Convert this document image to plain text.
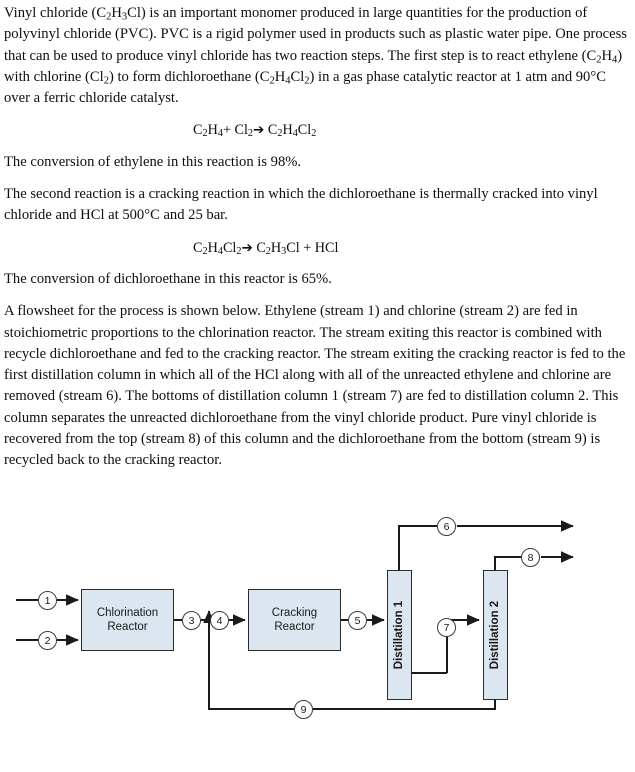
Vinyl chloride $(C_2H_3Cl)$ is an important monomer produced in large quantities for the production of polyvinyl chloride (PVC). PVC is a rigid polymer used in products such as plastic water pipe. One process that can be used to produce vinyl chloride has two reaction steps. The first step is to react ethylene $(C_2H_4)$ with chlorine $(Cl_2)$ to form dichloroethane $(C_2H_4Cl_2)$ in a gas phase catalytic reactor at 1 atm and 90°C over a ferric chloride catalyst.

$C_2H_4+$ $Cl_2➔$ $C_2H_4Cl_2$

The conversion of ethylene in this reaction is 98%.

The second reaction is a cracking reaction in which the dichloroethane is thermally cracked into vinyl chloride and HCl at 500°C and 25 bar.

$C_2H_4Cl_2➔$ $C_2H_3Cl$ + HCl

The conversion of dichloroethane in this reactor is 65%.

A flowsheet for the process is shown below. Ethylene (stream 1) and chlorine (stream 2) are fed in stoichiometric proportions to the chlorination reactor. The stream exiting this reactor is combined with recycle dichloroethane and fed to the cracking reactor. The stream exiting the cracking reactor is fed to the first distillation column in which all of the HCl along with all of the unreacted ethylene and chlorine are removed (stream 6). The bottoms of distillation column 1 (stream 7) are fed to distillation column 2. This column separates the unreacted dichloroethane from the vinyl chloride product. Pure vinyl chloride is recovered from the top (stream 8) of this column and the dichloroethane from the bottom (stream 9) is recycled back to the cracking reactor.

Chlorination
Reactor
Cracking
Reactor	Distillation 1	Distillation 2
1
2
3	4	5
6
7
8
9
